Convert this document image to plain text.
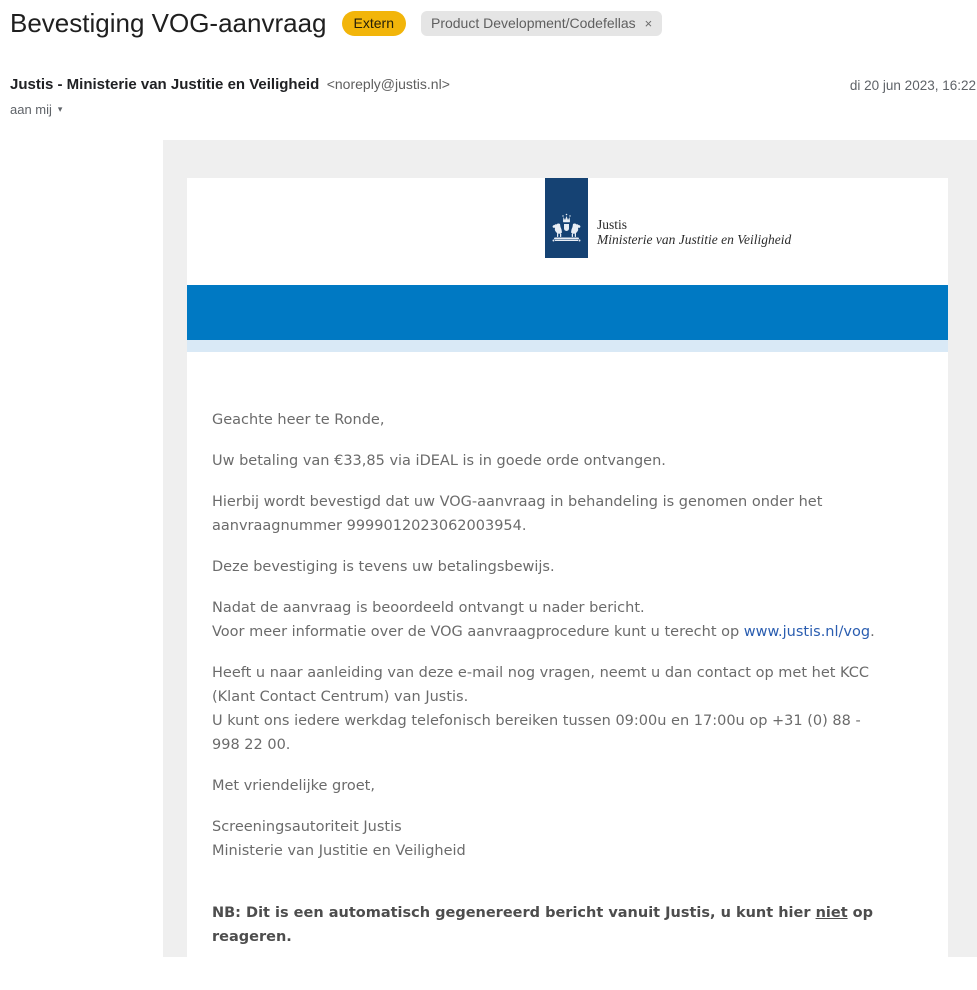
Bevestiging VOG-aanvraag	Extern	Product Development/Codefellas ×
Justis - Ministerie van Justitie en Veiligheid <noreply@justis.nl>	di 20 jun 2023, 16:22
aan mij ▾
Justis
Ministerie van Justitie en Veiligheid
Geachte heer te Ronde,
Uw betaling van €33,85 via iDEAL is in goede orde ontvangen.
Hierbij wordt bevestigd dat uw VOG-aanvraag in behandeling is genomen onder het
aanvraagnummer 9999012023062003954.
Deze bevestiging is tevens uw betalingsbewijs.
Nadat de aanvraag is beoordeeld ontvangt u nader bericht.
Voor meer informatie over de VOG aanvraagprocedure kunt u terecht op www.justis.nl/vog.
Heeft u naar aanleiding van deze e-mail nog vragen, neemt u dan contact op met het KCC
(Klant Contact Centrum) van Justis.
U kunt ons iedere werkdag telefonisch bereiken tussen 09:00u en 17:00u op +31 (0) 88 -
998 22 00.
Met vriendelijke groet,
Screeningsautoriteit Justis
Ministerie van Justitie en Veiligheid
NB: Dit is een automatisch gegenereerd bericht vanuit Justis, u kunt hier niet op
reageren.
